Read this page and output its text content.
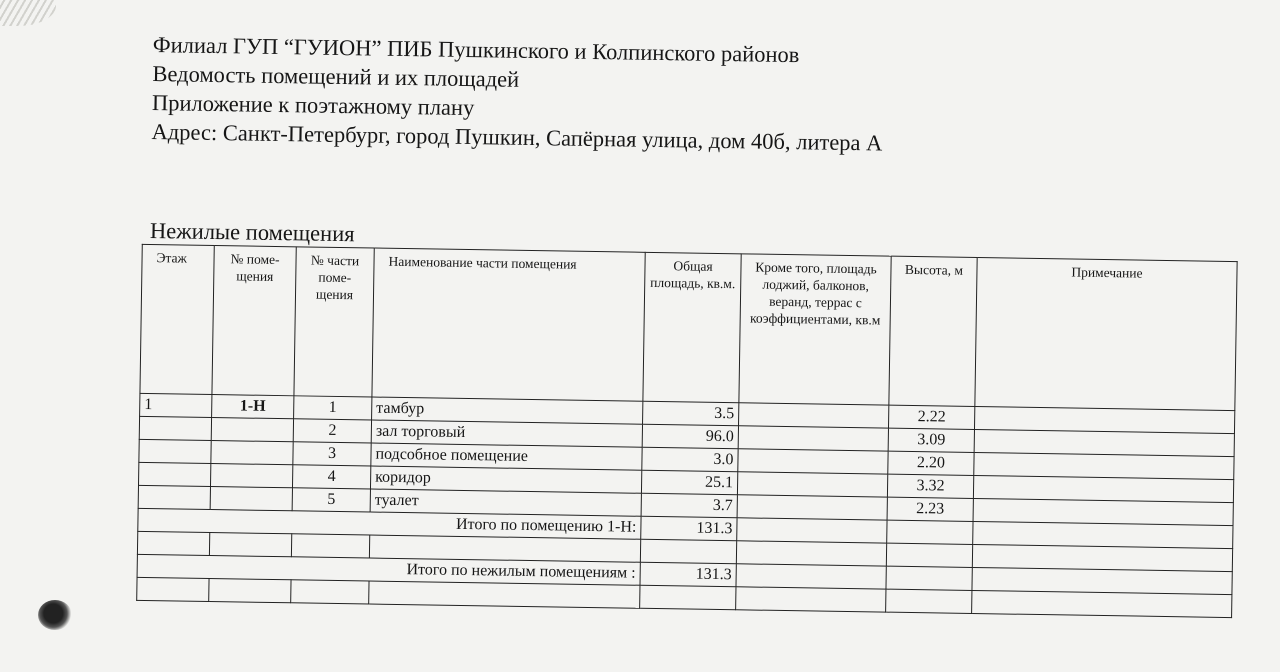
Филиал ГУП “ГУИОН” ПИБ Пушкинского и Колпинского районов
Ведомость помещений и их площадей
Приложение к поэтажному плану
Адрес: Санкт-Петербург, город Пушкин, Сапёрная улица, дом 40б, литера А
Нежилые помещения
Этаж	№ поме-щения	№ части поме-щения	Наименование части помещения	Общая площадь, кв.м.	Кроме того, площадь лоджий, балконов, веранд, террас с коэффициентами, кв.м	Высота, м	Примечание
1	1-Н	1	тамбур	3.5		2.22	
		2	зал торговый	96.0		3.09	
		3	подсобное помещение	3.0		2.20	
		4	коридор	25.1		3.32	
		5	туалет	3.7		2.23	
Итого по помещению 1-Н:				131.3			

Итого по нежилым помещениям :				131.3			
